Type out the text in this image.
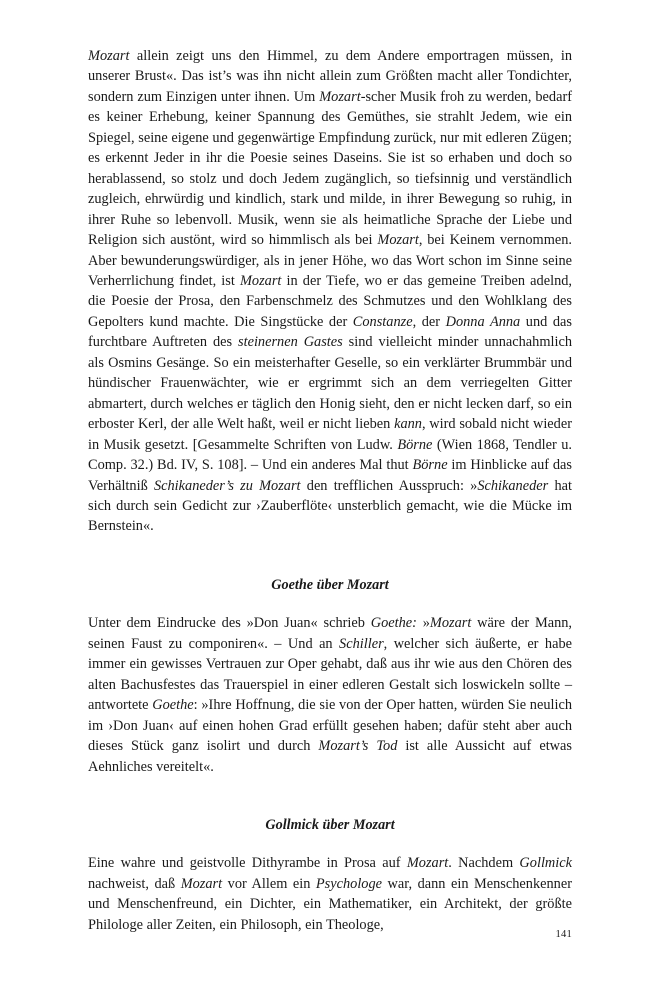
Mozart allein zeigt uns den Himmel, zu dem Andere emportragen müssen, in unserer Brust«. Das ist’s was ihn nicht allein zum Größten macht aller Tondichter, sondern zum Einzigen unter ihnen. Um Mozart-scher Musik froh zu werden, bedarf es keiner Erhebung, keiner Spannung des Gemüthes, sie strahlt Jedem, wie ein Spiegel, seine eigene und gegenwärtige Empfindung zurück, nur mit edleren Zügen; es erkennt Jeder in ihr die Poesie seines Daseins. Sie ist so erhaben und doch so herablassend, so stolz und doch Jedem zugänglich, so tiefsinnig und verständlich zugleich, ehrwürdig und kindlich, stark und milde, in ihrer Bewegung so ruhig, in ihrer Ruhe so lebenvoll. Musik, wenn sie als heimatliche Sprache der Liebe und Religion sich austönt, wird so himmlisch als bei Mozart, bei Keinem vernommen. Aber bewunderungswürdiger, als in jener Höhe, wo das Wort schon im Sinne seine Verherrlichung findet, ist Mozart in der Tiefe, wo er das gemeine Treiben adelnd, die Poesie der Prosa, den Farbenschmelz des Schmutzes und den Wohlklang des Gepolters kund machte. Die Singstücke der Constanze, der Donna Anna und das furchtbare Auftreten des steinernen Gastes sind vielleicht minder unnachahmlich als Osmins Gesänge. So ein meisterhafter Geselle, so ein verklärter Brummbär und hündischer Frauenwächter, wie er ergrimmt sich an dem verriegelten Gitter abmartert, durch welches er täglich den Honig sieht, den er nicht lecken darf, so ein erboster Kerl, der alle Welt haßt, weil er nicht lieben kann, wird sobald nicht wieder in Musik gesetzt. [Gesammelte Schriften von Ludw. Börne (Wien 1868, Tendler u. Comp. 32.) Bd. IV, S. 108]. – Und ein anderes Mal thut Börne im Hinblicke auf das Verhältniß Schikaneder’s zu Mozart den trefflichen Ausspruch: »Schikaneder hat sich durch sein Gedicht zur ›Zauberflöte‹ unsterblich gemacht, wie die Mücke im Bernstein«.

Goethe über Mozart

Unter dem Eindrucke des »Don Juan« schrieb Goethe: »Mozart wäre der Mann, seinen Faust zu componiren«. – Und an Schiller, welcher sich äußerte, er habe immer ein gewisses Vertrauen zur Oper gehabt, daß aus ihr wie aus den Chören des alten Bachusfestes das Trauerspiel in einer edleren Gestalt sich loswickeln sollte – antwortete Goethe: »Ihre Hoffnung, die sie von der Oper hatten, würden Sie neulich im ›Don Juan‹ auf einen hohen Grad erfüllt gesehen haben; dafür steht aber auch dieses Stück ganz isolirt und durch Mozart’s Tod ist alle Aussicht auf etwas Aehnliches vereitelt«.

Gollmick über Mozart

Eine wahre und geistvolle Dithyrambe in Prosa auf Mozart. Nachdem Gollmick nachweist, daß Mozart vor Allem ein Psychologe war, dann ein Menschenkenner und Menschenfreund, ein Dichter, ein Mathematiker, ein Architekt, der größte Philologe aller Zeiten, ein Philosoph, ein Theologe,

141
